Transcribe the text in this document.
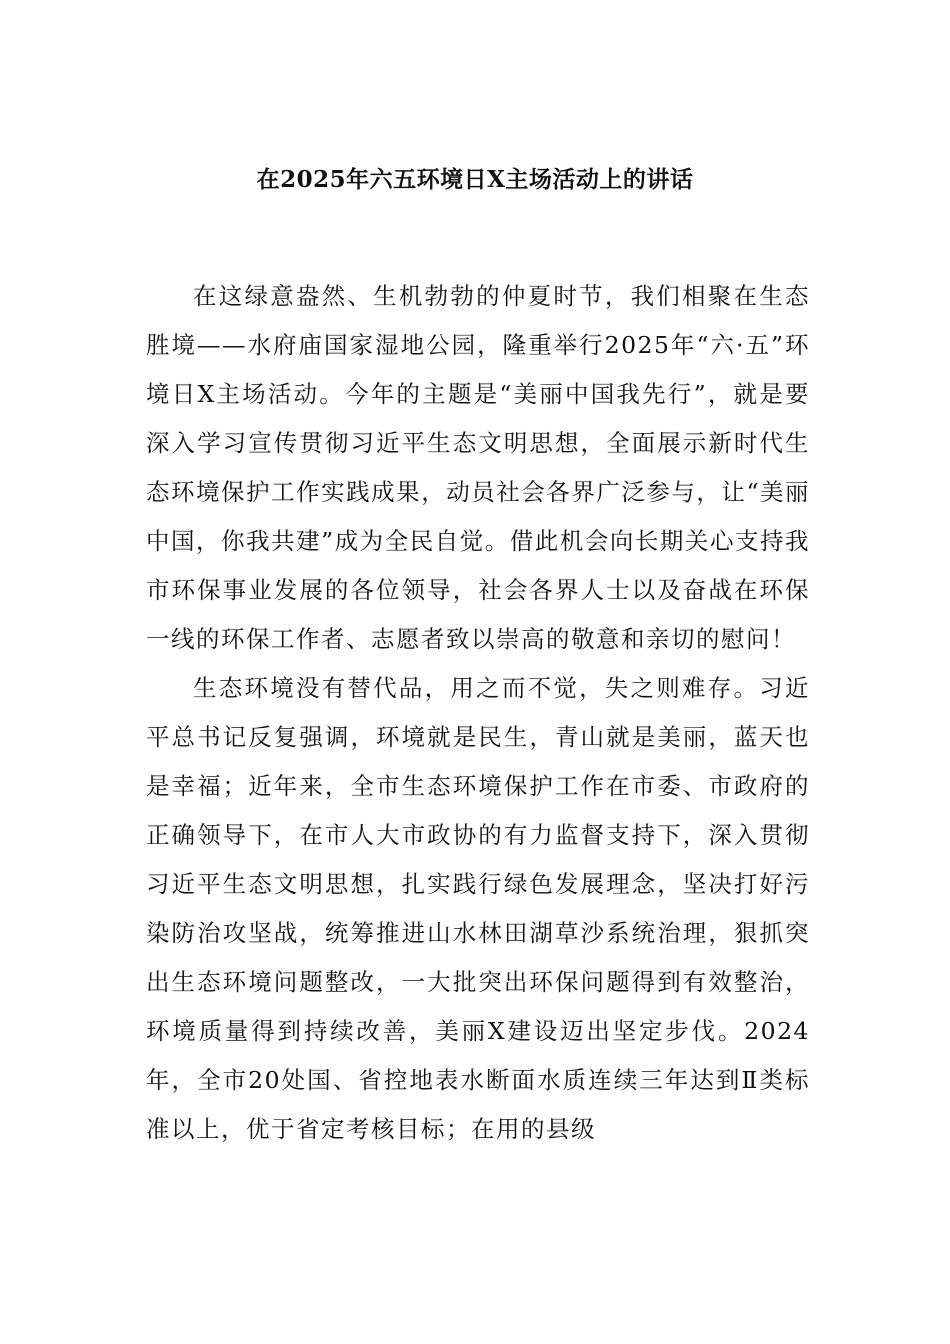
在2025年六五环境日X主场活动上的讲话

在这绿意盎然、生机勃勃的仲夏时节，我们相聚在生态胜境——水府庙国家湿地公园，隆重举行2025年“六·五”环境日X主场活动。今年的主题是“美丽中国我先行”，就是要深入学习宣传贯彻习近平生态文明思想，全面展示新时代生态环境保护工作实践成果，动员社会各界广泛参与，让“美丽中国，你我共建”成为全民自觉。借此机会向长期关心支持我市环保事业发展的各位领导，社会各界人士以及奋战在环保一线的环保工作者、志愿者致以崇高的敬意和亲切的慰问！

生态环境没有替代品，用之而不觉，失之则难存。习近平总书记反复强调，环境就是民生，青山就是美丽，蓝天也是幸福；近年来，全市生态环境保护工作在市委、市政府的正确领导下，在市人大市政协的有力监督支持下，深入贯彻习近平生态文明思想，扎实践行绿色发展理念，坚决打好污染防治攻坚战，统筹推进山水林田湖草沙系统治理，狠抓突出生态环境问题整改，一大批突出环保问题得到有效整治，环境质量得到持续改善，美丽X建设迈出坚定步伐。2024年，全市20处国、省控地表水断面水质连续三年达到Ⅱ类标准以上，优于省定考核目标；在用的县级
